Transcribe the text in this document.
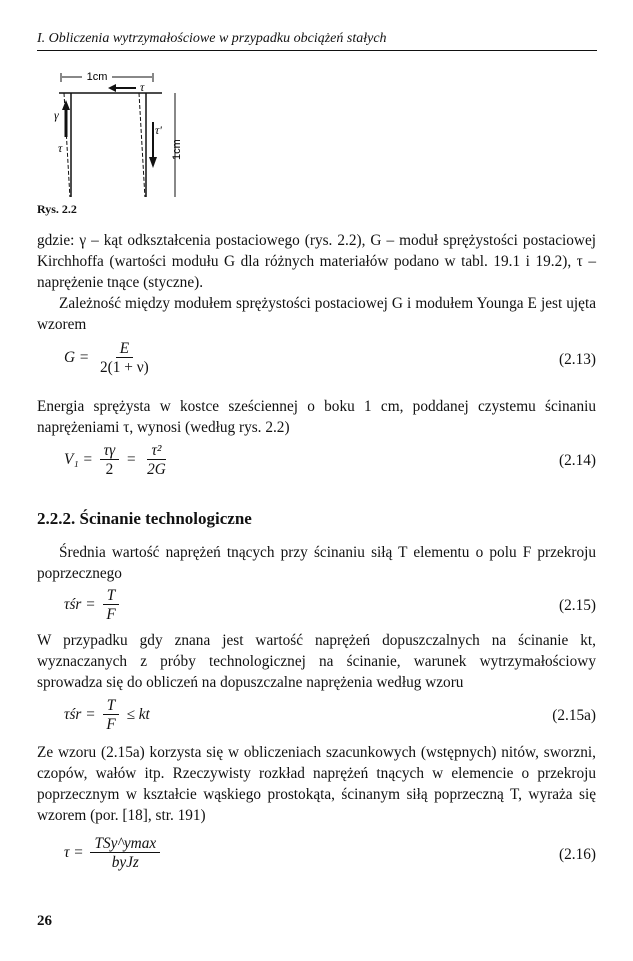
I. Obliczenia wytrzymałościowe w przypadku obciążeń stałych
1cm
τ
γ
τ
τ'
1cm
Rys. 2.2

gdzie: γ – kąt odkształcenia postaciowego (rys. 2.2), G – moduł sprężystości postaciowej Kirchhoffa (wartości modułu G dla różnych materiałów podano w tabl. 19.1 i 19.2), τ – naprężenie tnące (styczne).

Zależność między modułem sprężystości postaciowej G i modułem Younga E jest ujęta wzorem

$G = \frac{E}{2(1 + \nu)}$	(2.13)

Energia sprężysta w kostce sześciennej o boku 1 cm, poddanej czystemu ścinaniu naprężeniami τ, wynosi (według rys. 2.2)

$V_1 = \frac{\tau\gamma}{2} = \frac{\text{τ²}}{2G}$	(2.14)
2.2.2. Ścinanie technologiczne

Średnia wartość naprężeń tnących przy ścinaniu siłą T elementu o polu F przekroju poprzecznego

τśr = $\frac{T}{F}$	(2.15)

W przypadku gdy znana jest wartość naprężeń dopuszczalnych na ścinanie kt, wyznaczanych z próby technologicznej na ścinanie, warunek wytrzymałościowy sprowadza się do obliczeń na dopuszczalne naprężenia według wzoru

τśr = $\frac{T}{F}$ ≤ kt	(2.15a)

Ze wzoru (2.15a) korzysta się w obliczeniach szacunkowych (wstępnych) nitów, sworzni, czopów, wałów itp. Rzeczywisty rozkład naprężeń tnących w elemencie o przekroju poprzecznym w kształcie wąskiego prostokąta, ścinanym siłą poprzeczną T, wyraża się wzorem (por. [18], str. 191)

$\tau = \frac{\text{TSy\textasciicircum{}ymax}}{\text{byJz}}$	(2.16)
26
